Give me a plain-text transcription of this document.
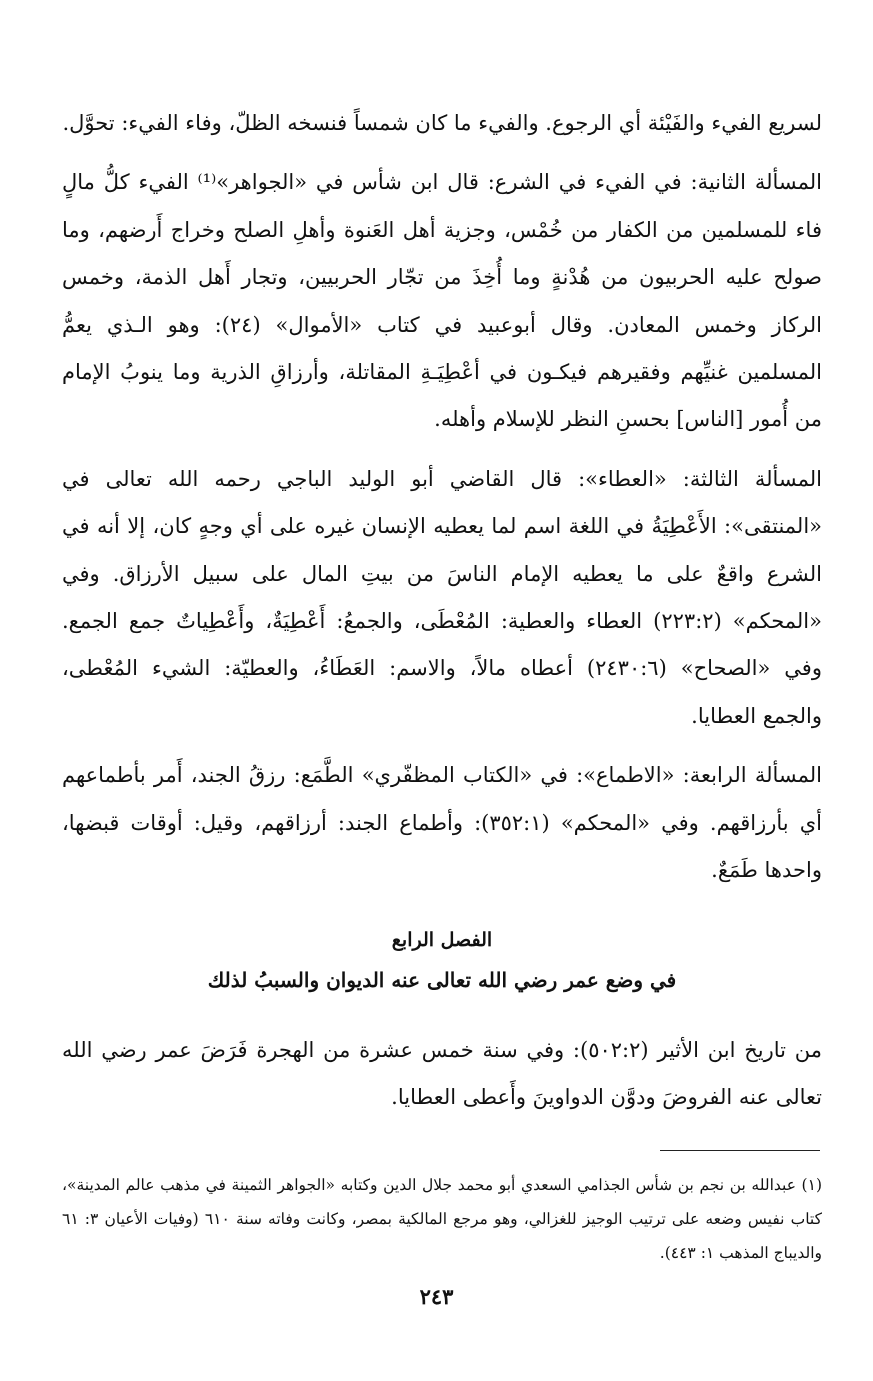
لسريع الفيء والفَيْئة أي الرجوع. والفيء ما كان شمساً فنسخه الظلّ، وفاء الفيء: تحوَّل.

المسألة الثانية: في الفيء في الشرع: قال ابن شأس في «الجواهر»⁽¹⁾ الفيء كلُّ مالٍ فاء للمسلمين من الكفار من خُمْس، وجزية أهل العَنوة وأهلِ الصلح وخراج أَرضهم، وما صولح عليه الحربيون من هُدْنةٍ وما أُخِذَ من تجّار الحربيين، وتجار أَهل الذمة، وخمس الركاز وخمس المعادن. وقال أبوعبيد في كتاب «الأموال» (٢٤): وهو الـذي يعمُّ المسلمين غنيِّهم وفقيرهم فيكـون في أعْطِيَـةِ المقاتلة، وأرزاقِ الذرية وما ينوبُ الإمام من أُمور [الناس] بحسنِ النظر للإسلام وأهله.

المسألة الثالثة: «العطاء»: قال القاضي أبو الوليد الباجي رحمه الله تعالى في «المنتقى»: الأَعْطِيَةُ في اللغة اسم لما يعطيه الإنسان غيره على أي وجهٍ كان، إلا أنه في الشرع واقعٌ على ما يعطيه الإمام الناسَ من بيتِ المال على سبيل الأرزاق. وفي «المحكم» (٢٢٣:٢) العطاء والعطية: المُعْطَى، والجمعُ: أَعْطِيَةٌ، وأَعْطِياتٌ جمع الجمع. وفي «الصحاح» (٢٤٣٠:٦) أعطاه مالاً، والاسم: العَطَاءُ، والعطيّة: الشيء المُعْطى، والجمع العطايا.

المسألة الرابعة: «الاطماع»: في «الكتاب المظفّري» الطَّمَع: رزقُ الجند، أَمر بأطماعهم أي بأرزاقهم. وفي «المحكم» (٣٥٢:١): وأطماع الجند: أرزاقهم، وقيل: أوقات قبضها، واحدها طَمَعٌ.

الفصل الرابع
في وضع عمر رضي الله تعالى عنه الديوان والسببُ لذلك

من تاريخ ابن الأثير (٥٠٢:٢): وفي سنة خمس عشرة من الهجرة فَرَضَ عمر رضي الله تعالى عنه الفروضَ ودوَّن الدواوينَ وأَعطى العطايا.

(١) عبدالله بن نجم بن شأس الجذامي السعدي أبو محمد جلال الدين وكتابه «الجواهر الثمينة في مذهب عالم المدينة»، كتاب نفيس وضعه على ترتيب الوجيز للغزالي، وهو مرجع المالكية بمصر، وكانت وفاته سنة ٦١٠ (وفيات الأعيان ٣: ٦١ والديباج المذهب ١: ٤٤٣).
٢٤٣
